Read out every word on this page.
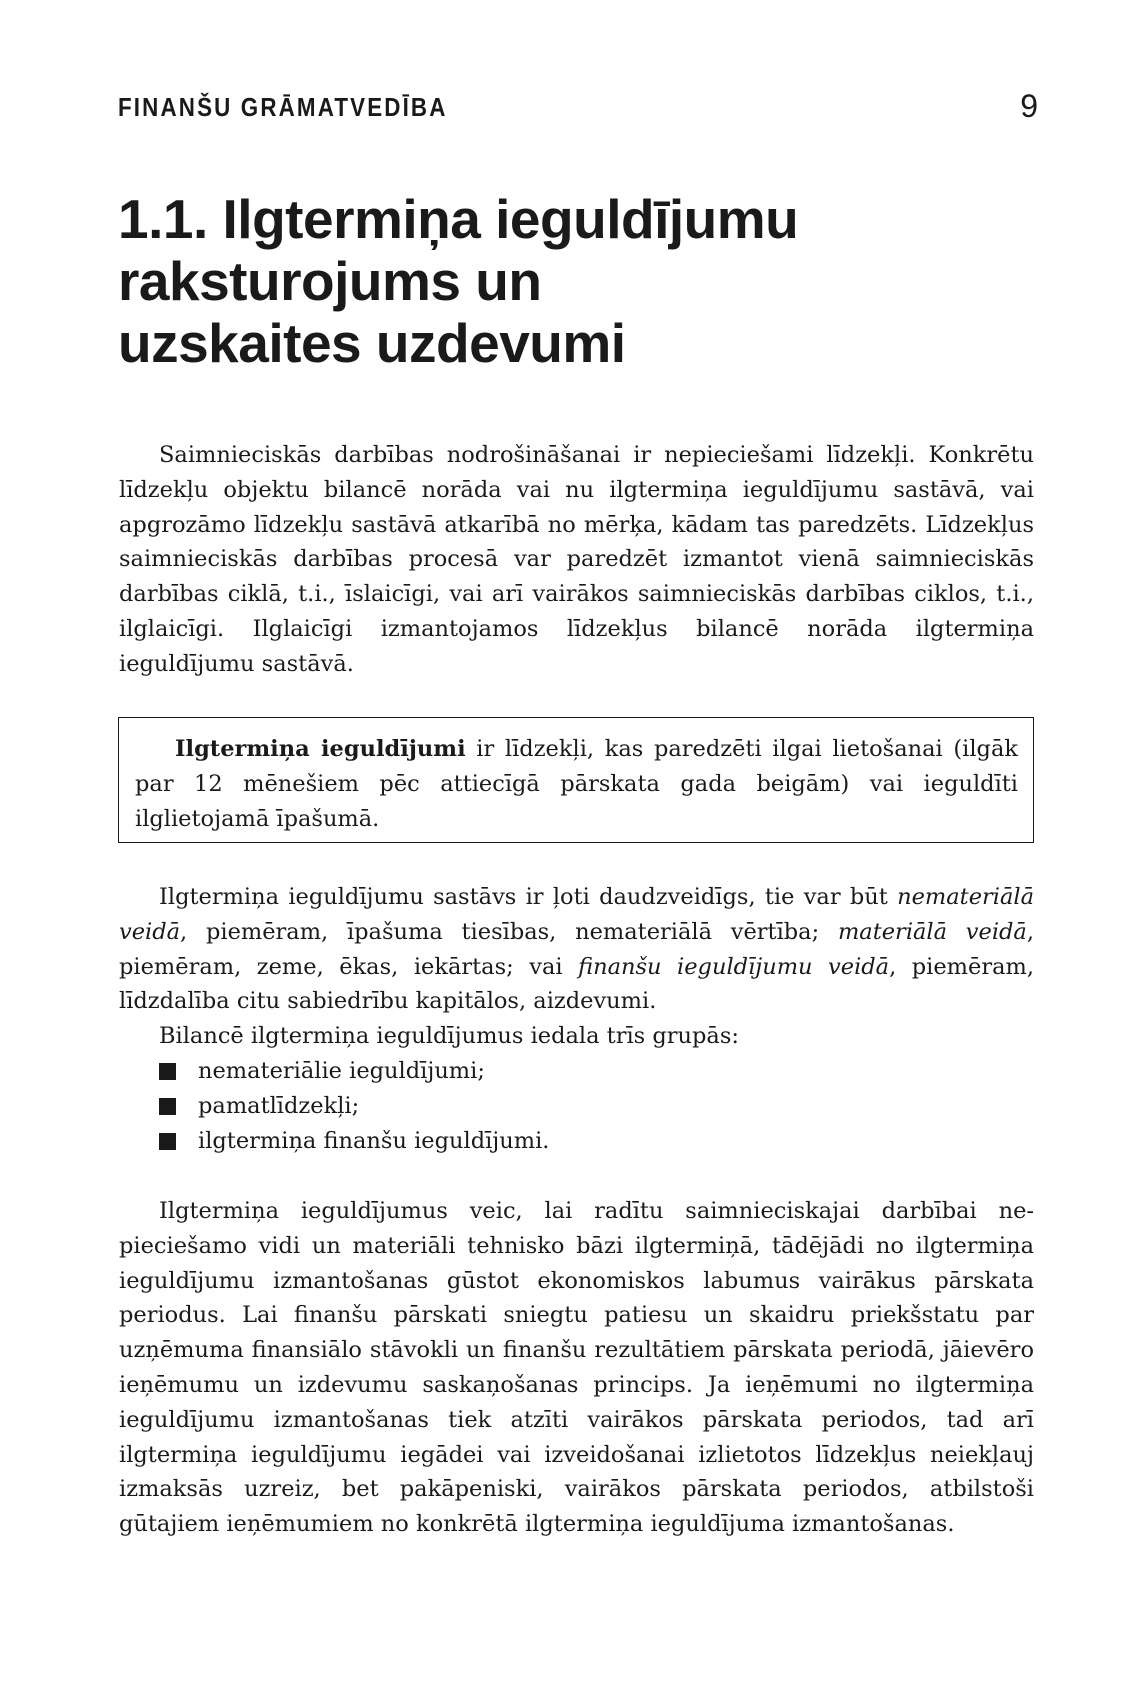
FINANŠU GRĀMATVEDĪBA	9
1.1. Ilgtermiņa ieguldījumu
raksturojums un
uzskaites uzdevumi

Saimnieciskās darbības nodrošināšanai ir nepieciešami līdzekļi. Konkrētu līdzekļu objektu bilancē norāda vai nu ilgtermiņa ieguldījumu sastāvā, vai apgrozāmo līdzekļu sastāvā atkarībā no mērķa, kādam tas paredzēts. Līdzekļus saimnieciskās darbības procesā var paredzēt izmantot vienā saimnieciskās darbības ciklā, t.i., īslaicīgi, vai arī vairākos saimnieciskās darbības ciklos, t.i., ilglaicīgi. Ilglaicīgi izmantojamos līdzekļus bilancē norāda ilgtermiņa ieguldījumu sastāvā.

Ilgtermiņa ieguldījumi ir līdzekļi, kas paredzēti ilgai lietošanai (ilgāk par 12 mēnešiem pēc attiecīgā pārskata gada beigām) vai ieguldīti ilglietojamā īpašumā.

Ilgtermiņa ieguldījumu sastāvs ir ļoti daudzveidīgs, tie var būt nemateriālā veidā, piemēram, īpašuma tiesības, nemateriālā vērtība; materiālā veidā, piemēram, zeme, ēkas, iekārtas; vai finanšu ieguldījumu veidā, piemēram, līdzdalība citu sabiedrību kapitālos, aizdevumi.

Bilancē ilgtermiņa ieguldījumus iedala trīs grupās:

nemateriālie ieguldījumi;
pamatlīdzekļi;
ilgtermiņa finanšu ieguldījumi.

Ilgtermiņa ieguldījumus veic, lai radītu saimnieciskajai darbībai nepieciešamo vidi un materiāli tehnisko bāzi ilgtermiņā, tādējādi no ilgtermiņa ieguldījumu izmantošanas gūstot ekonomiskos labumus vairākus pārskata periodus. Lai finanšu pārskati sniegtu patiesu un skaidru priekšstatu par uzņēmuma finansiālo stāvokli un finanšu rezultātiem pārskata periodā, jāievēro ieņēmumu un izdevumu saskaņošanas princips. Ja ieņēmumi no ilgtermiņa ieguldījumu izmantošanas tiek atzīti vairākos pārskata periodos, tad arī ilgtermiņa ieguldījumu iegādei vai izveidošanai izlietotos līdzekļus neiekļauj izmaksās uzreiz, bet pakāpeniski, vairākos pārskata periodos, atbilstoši gūtajiem ieņēmumiem no konkrētā ilgtermiņa ieguldījuma izmantošanas.
